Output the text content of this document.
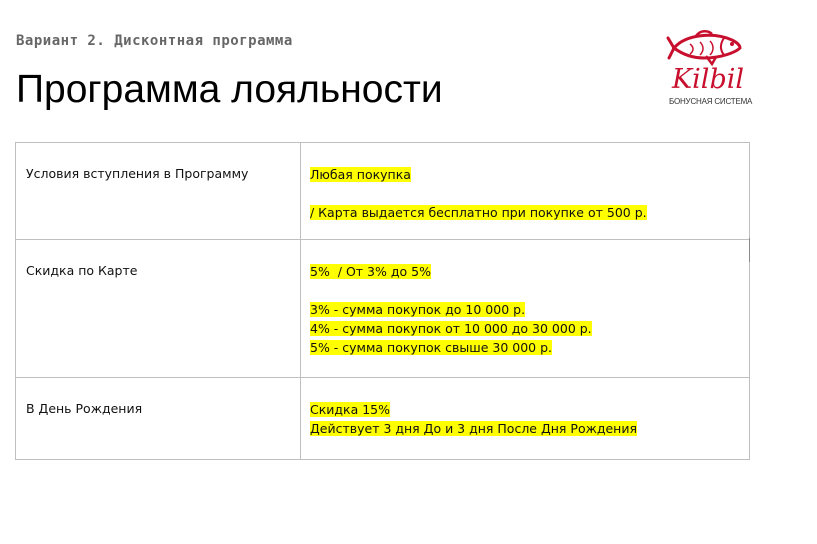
Вариант 2. Дисконтная программа
Программа лояльности	Kilbil
БОНУСНАЯ СИСТЕМА
Условия вступления в Программу	Любая покупка
/ Карта выдается бесплатно при покупке от 500 р.

Скидка по Карте	5%  / От 3% до 5%
3% - сумма покупок до 10 000 р.
4% - сумма покупок от 10 000 до 30 000 р.
5% - сумма покупок свыше 30 000 р.

В День Рождения	Скидка 15%
Действует 3 дня До и 3 дня После Дня Рождения
